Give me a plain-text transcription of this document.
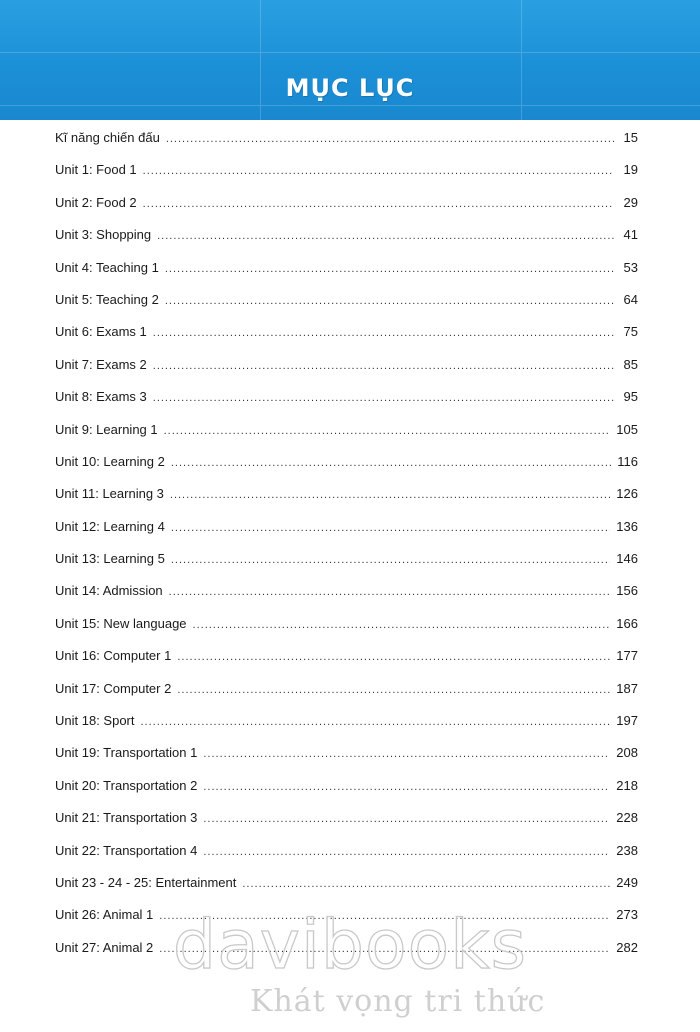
MỤC LỤC
Kĩ năng chiến đấu .....	15
Unit 1: Food 1 .....	19
Unit 2: Food 2 .....	29
Unit 3: Shopping .....	41
Unit 4: Teaching 1 .....	53
Unit 5: Teaching 2 .....	64
Unit 6: Exams 1 .....	75
Unit 7: Exams 2 .....	85
Unit 8: Exams 3 .....	95
Unit 9: Learning 1 .....	105
Unit 10: Learning 2 .....	116
Unit 11: Learning 3 .....	126
Unit 12: Learning 4 .....	136
Unit 13: Learning 5 .....	146
Unit 14: Admission .....	156
Unit 15: New language .....	166
Unit 16: Computer 1 .....	177
Unit 17: Computer 2 .....	187
Unit 18: Sport .....	197
Unit 19: Transportation 1 .....	208
Unit 20: Transportation 2 .....	218
Unit 21: Transportation 3 .....	228
Unit 22: Transportation 4 .....	238
Unit 23 - 24 - 25: Entertainment .....	249
Unit 26: Animal 1 .....	273
Unit 27: Animal 2 .....	282
davibooks
Khát vọng tri thức
